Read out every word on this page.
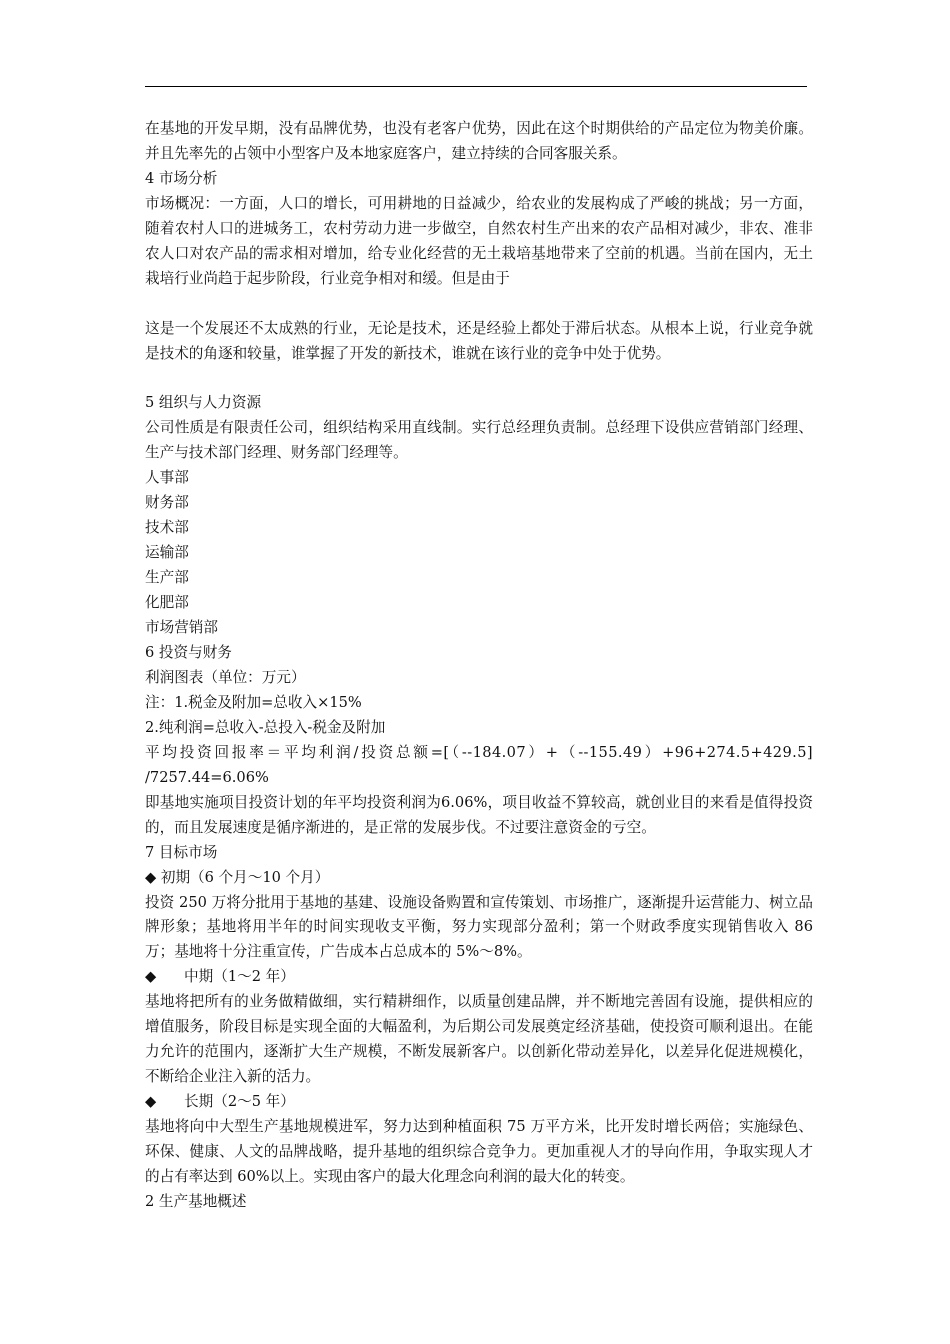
在基地的开发早期，没有品牌优势，也没有老客户优势，因此在这个时期供给的产品定位为物美价廉。并且先率先的占领中小型客户及本地家庭客户，建立持续的合同客服关系。

4 市场分析

市场概况：一方面，人口的增长，可用耕地的日益减少，给农业的发展构成了严峻的挑战；另一方面，随着农村人口的进城务工，农村劳动力进一步做空，自然农村生产出来的农产品相对减少，非农、准非农人口对农产品的需求相对增加，给专业化经营的无土栽培基地带来了空前的机遇。当前在国内，无土栽培行业尚趋于起步阶段，行业竞争相对和缓。但是由于

这是一个发展还不太成熟的行业，无论是技术，还是经验上都处于滞后状态。从根本上说，行业竞争就是技术的角逐和较量，谁掌握了开发的新技术，谁就在该行业的竞争中处于优势。

5 组织与人力资源

公司性质是有限责任公司，组织结构采用直线制。实行总经理负责制。总经理下设供应营销部门经理、生产与技术部门经理、财务部门经理等。

人事部
财务部
技术部
运输部
生产部
化肥部
市场营销部

6 投资与财务

利润图表（单位：万元）

注：1.税金及附加=总收入×15%

2.纯利润=总收入-总投入-税金及附加

平均投资回报率＝平均利润/投资总额=[（--184.07）+（--155.49）+96+274.5+429.5]

/7257.44=6.06%

即基地实施项目投资计划的年平均投资利润为6.06%，项目收益不算较高，就创业目的来看是值得投资的，而且发展速度是循序渐进的，是正常的发展步伐。不过要注意资金的亏空。

7 目标市场

◆ 初期（6 个月～10 个月）

投资 250 万将分批用于基地的基建、设施设备购置和宣传策划、市场推广，逐渐提升运营能力、树立品牌形象；基地将用半年的时间实现收支平衡，努力实现部分盈利；第一个财政季度实现销售收入 86 万；基地将十分注重宣传，广告成本占总成本的 5%～8%。

◆      中期（1～2 年）

基地将把所有的业务做精做细，实行精耕细作，以质量创建品牌，并不断地完善固有设施，提供相应的增值服务，阶段目标是实现全面的大幅盈利，为后期公司发展奠定经济基础，使投资可顺利退出。在能力允许的范围内，逐渐扩大生产规模，不断发展新客户。以创新化带动差异化，以差异化促进规模化，不断给企业注入新的活力。

◆      长期（2～5 年）

基地将向中大型生产基地规模进军，努力达到种植面积 75 万平方米，比开发时增长两倍；实施绿色、环保、健康、人文的品牌战略，提升基地的组织综合竞争力。更加重视人才的导向作用，争取实现人才的占有率达到 60%以上。实现由客户的最大化理念向利润的最大化的转变。

2 生产基地概述
